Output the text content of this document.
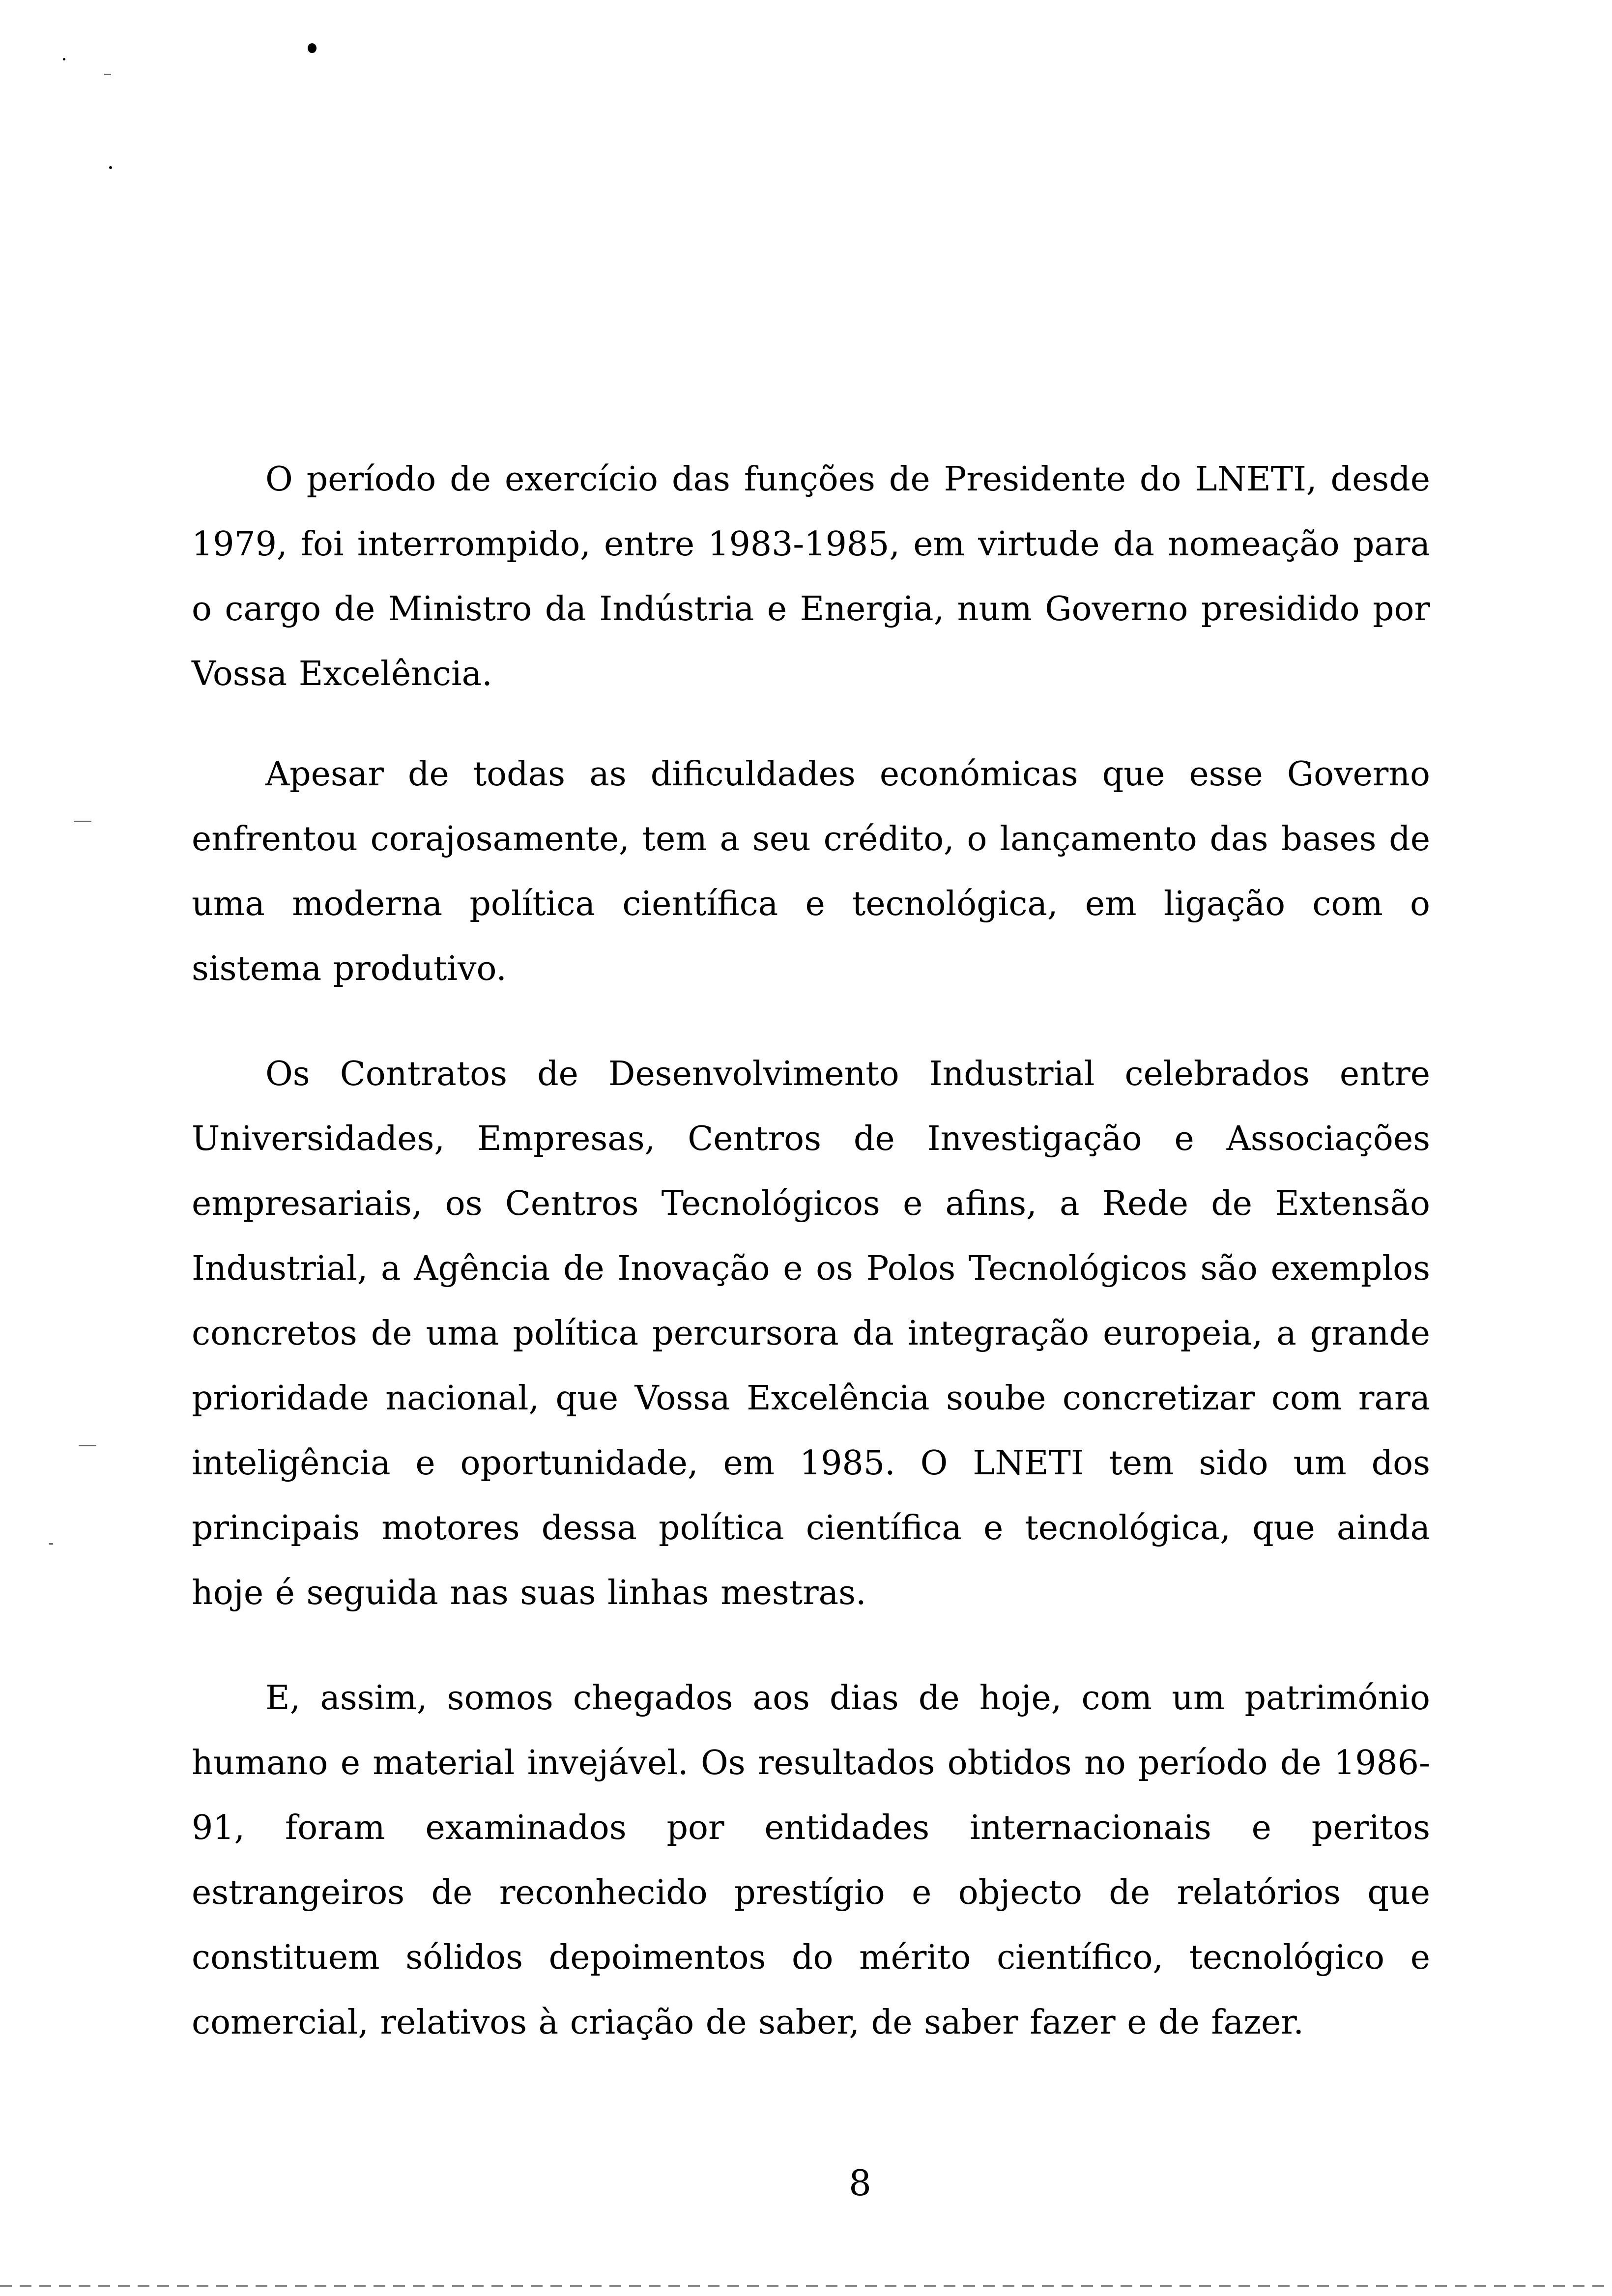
O período de exercício das funções de Presidente do LNETI, desde 1979, foi interrompido, entre 1983-1985, em virtude da nomeação para o cargo de Ministro da Indústria e Energia, num Governo presidido por Vossa Excelência.

Apesar de todas as dificuldades económicas que esse Governo enfrentou corajosamente, tem a seu crédito, o lançamento das bases de uma moderna política científica e tecnológica, em ligação com o sistema produtivo.

Os Contratos de Desenvolvimento Industrial celebrados entre Universidades, Empresas, Centros de Investigação e Associações empresariais, os Centros Tecnológicos e afins, a Rede de Extensão Industrial, a Agência de Inovação e os Polos Tecnológicos são exemplos concretos de uma política percursora da integração europeia, a grande prioridade nacional, que Vossa Excelência soube concretizar com rara inteligência e oportunidade, em 1985. O LNETI tem sido um dos principais motores dessa política científica e tecnológica, que ainda hoje é seguida nas suas linhas mestras.

E, assim, somos chegados aos dias de hoje, com um património humano e material invejável. Os resultados obtidos no período de 1986-91, foram examinados por entidades internacionais e peritos estrangeiros de reconhecido prestígio e objecto de relatórios que constituem sólidos depoimentos do mérito científico, tecnológico e comercial, relativos à criação de saber, de saber fazer e de fazer.

8
